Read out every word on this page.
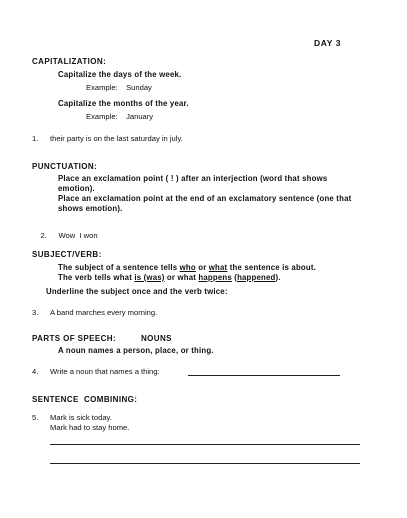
DAY 3
CAPITALIZATION:
Capitalize the days of the week.
Example:    Sunday
Capitalize the months of the year.
Example:    January
1. their party is on the last saturday in july.
PUNCTUATION:
Place an exclamation point ( ! ) after an interjection (word that shows emotion).
Place an exclamation point at the end of an exclamatory sentence (one that shows emotion).

2. Wow  I won

SUBJECT/VERB:
The subject of a sentence tells who or what the sentence is about.
The verb tells what is (was) or what happens (happened).
Underline the subject once and the verb twice:
3. A band marches every morning.
PARTS OF SPEECH:	NOUNS
A noun names a person, place, or thing.
4. Write a noun that names a thing:
SENTENCE  COMBINING:
5. Mark is sick today.
Mark had to stay home.
